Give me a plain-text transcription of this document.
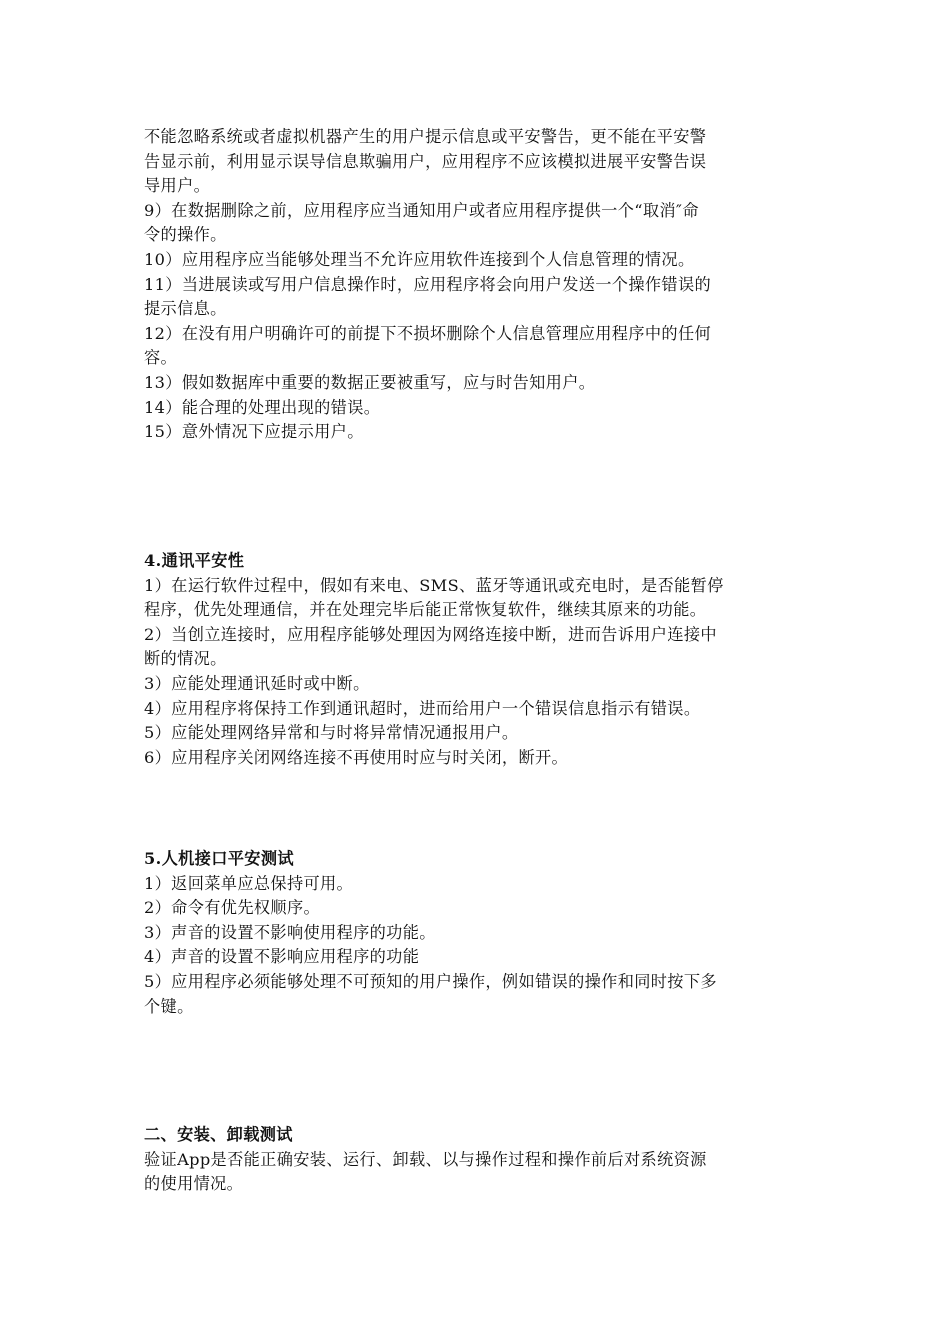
不能忽略系统或者虚拟机器产生的用户提示信息或平安警告，更不能在平安警
告显示前，利用显示误导信息欺骗用户，应用程序不应该模拟进展平安警告误
导用户。
9）在数据删除之前，应用程序应当通知用户或者应用程序提供一个“取消″命
令的操作。
10）应用程序应当能够处理当不允许应用软件连接到个人信息管理的情况。
11）当进展读或写用户信息操作时，应用程序将会向用户发送一个操作错误的
提示信息。
12）在没有用户明确许可的前提下不损坏删除个人信息管理应用程序中的任何
容。
13）假如数据库中重要的数据正要被重写，应与时告知用户。
14）能合理的处理出现的错误。
15）意外情况下应提示用户。
4.通讯平安性
1）在运行软件过程中，假如有来电、SMS、蓝牙等通讯或充电时，是否能暂停
程序，优先处理通信，并在处理完毕后能正常恢复软件，继续其原来的功能。
2）当创立连接时，应用程序能够处理因为网络连接中断，进而告诉用户连接中
断的情况。
3）应能处理通讯延时或中断。
4）应用程序将保持工作到通讯超时，进而给用户一个错误信息指示有错误。
5）应能处理网络异常和与时将异常情况通报用户。
6）应用程序关闭网络连接不再使用时应与时关闭，断开。
5.人机接口平安测试
1）返回菜单应总保持可用。
2）命令有优先权顺序。
3）声音的设置不影响使用程序的功能。
4）声音的设置不影响应用程序的功能
5）应用程序必须能够处理不可预知的用户操作，例如错误的操作和同时按下多
个键。
二、安装、卸载测试
验证App是否能正确安装、运行、卸载、以与操作过程和操作前后对系统资源
的使用情况。
